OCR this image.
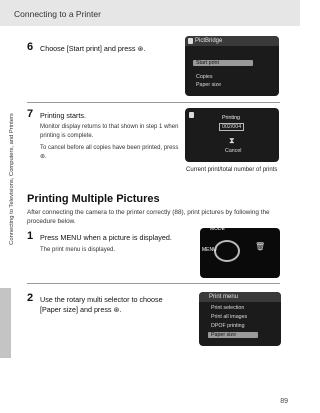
Connecting to a Printer
Connecting to Televisions, Computers, and Printers
6 Choose [Start print] and press ⊛.
PictBridge
Start print
Copies
Paper size
7 Printing starts.
Monitor display returns to that shown in step 1 when printing is complete.
To cancel before all copies have been printed, press ⊛.
Printing
002/004
⧗
Cancel
Current print/total number of prints
Printing Multiple Pictures
After connecting the camera to the printer correctly (88), print pictures by following the procedure below.
1 Press MENU when a picture is displayed.
The print menu is displayed.
MODE
MENU	🗑
2 Use the rotary multi selector to choose [Paper size] and press ⊛.
Print menu
Print selection
Print all images
DPOF printing
Paper size
89
